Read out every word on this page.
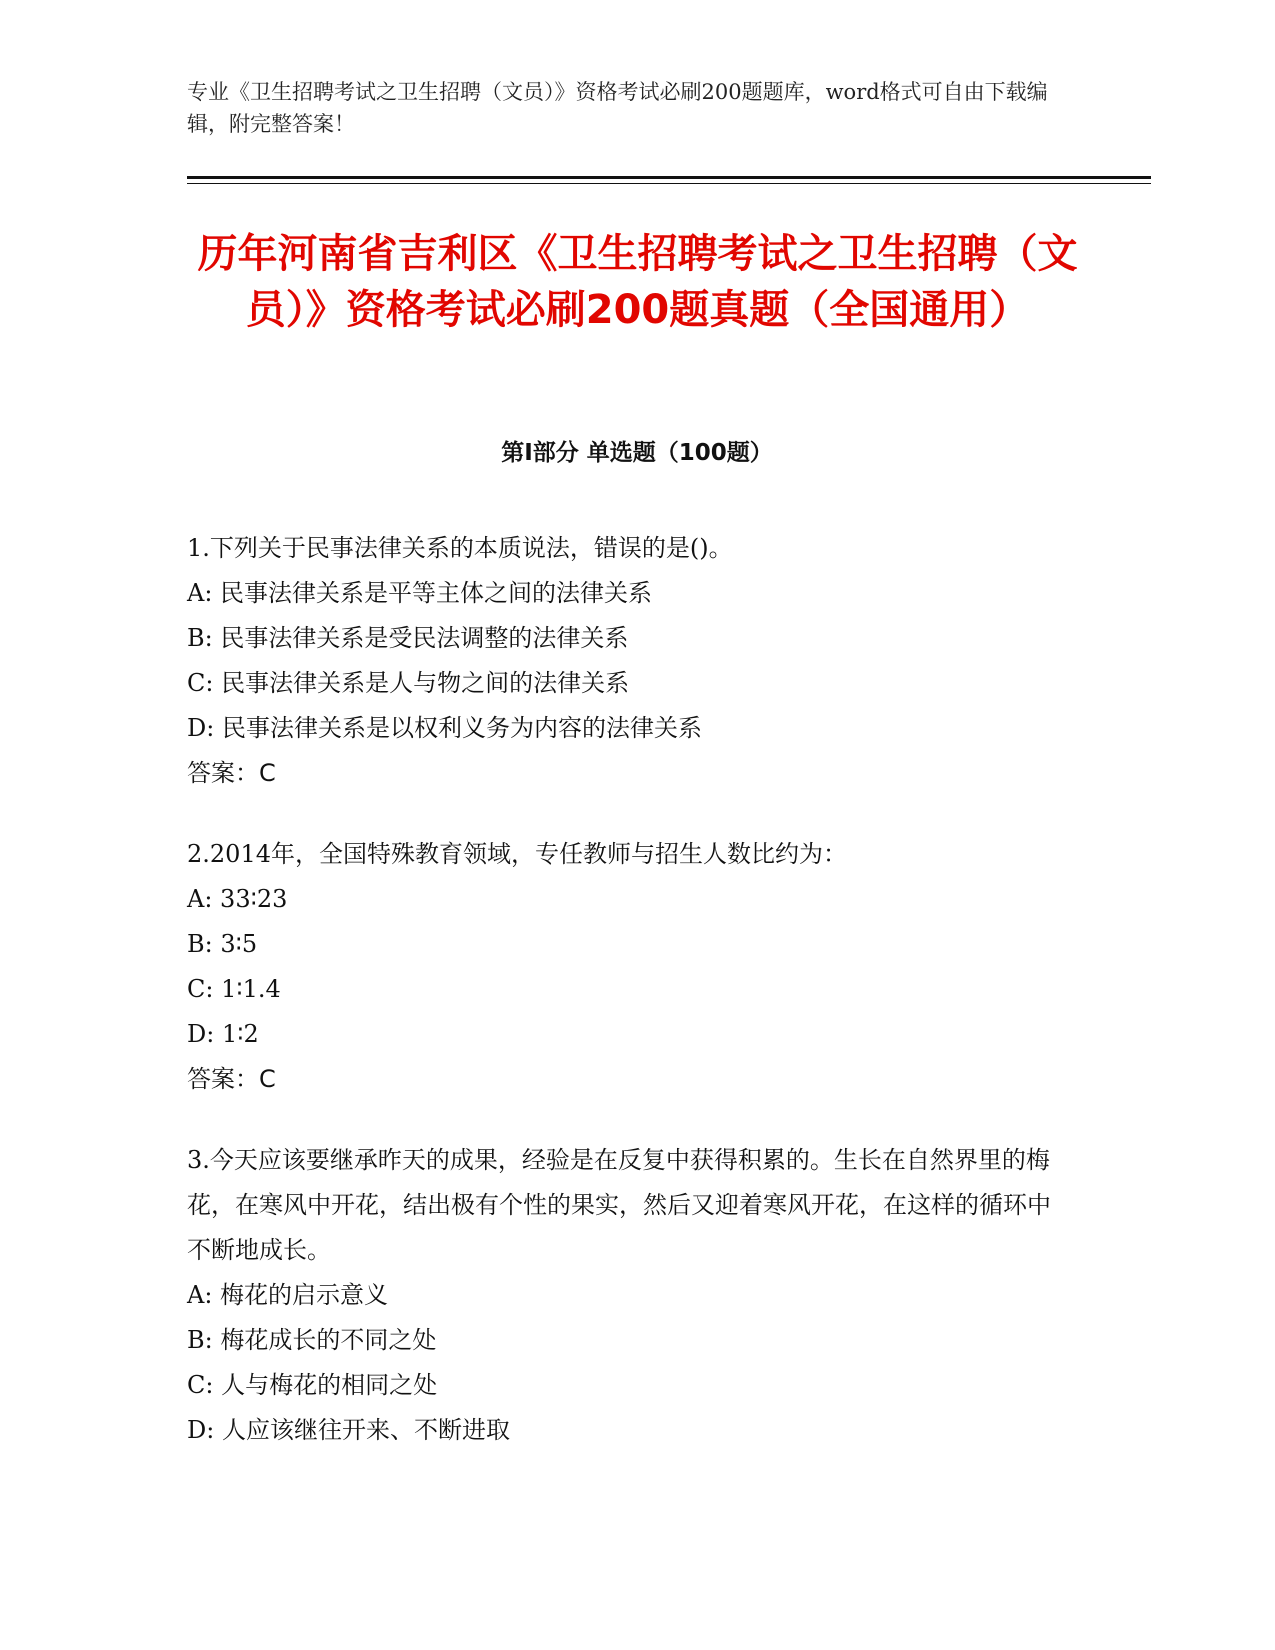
专业《卫生招聘考试之卫生招聘（文员）》资格考试必刷200题题库，word格式可自由下载编辑，附完整答案！
历年河南省吉利区《卫生招聘考试之卫生招聘（文员）》资格考试必刷200题真题（全国通用）
第Ⅰ部分 单选题（100题）

1.下列关于民事法律关系的本质说法，错误的是()。

A: 民事法律关系是平等主体之间的法律关系

B: 民事法律关系是受民法调整的法律关系

C: 民事法律关系是人与物之间的法律关系

D: 民事法律关系是以权利义务为内容的法律关系

答案：C

2.2014年，全国特殊教育领域，专任教师与招生人数比约为：

A: 33∶23

B: 3∶5

C: 1∶1.4

D: 1∶2

答案：C

3.今天应该要继承昨天的成果，经验是在反复中获得积累的。生长在自然界里的梅花，在寒风中开花，结出极有个性的果实，然后又迎着寒风开花，在这样的循环中不断地成长。

A: 梅花的启示意义

B: 梅花成长的不同之处

C: 人与梅花的相同之处

D: 人应该继往开来、不断进取
